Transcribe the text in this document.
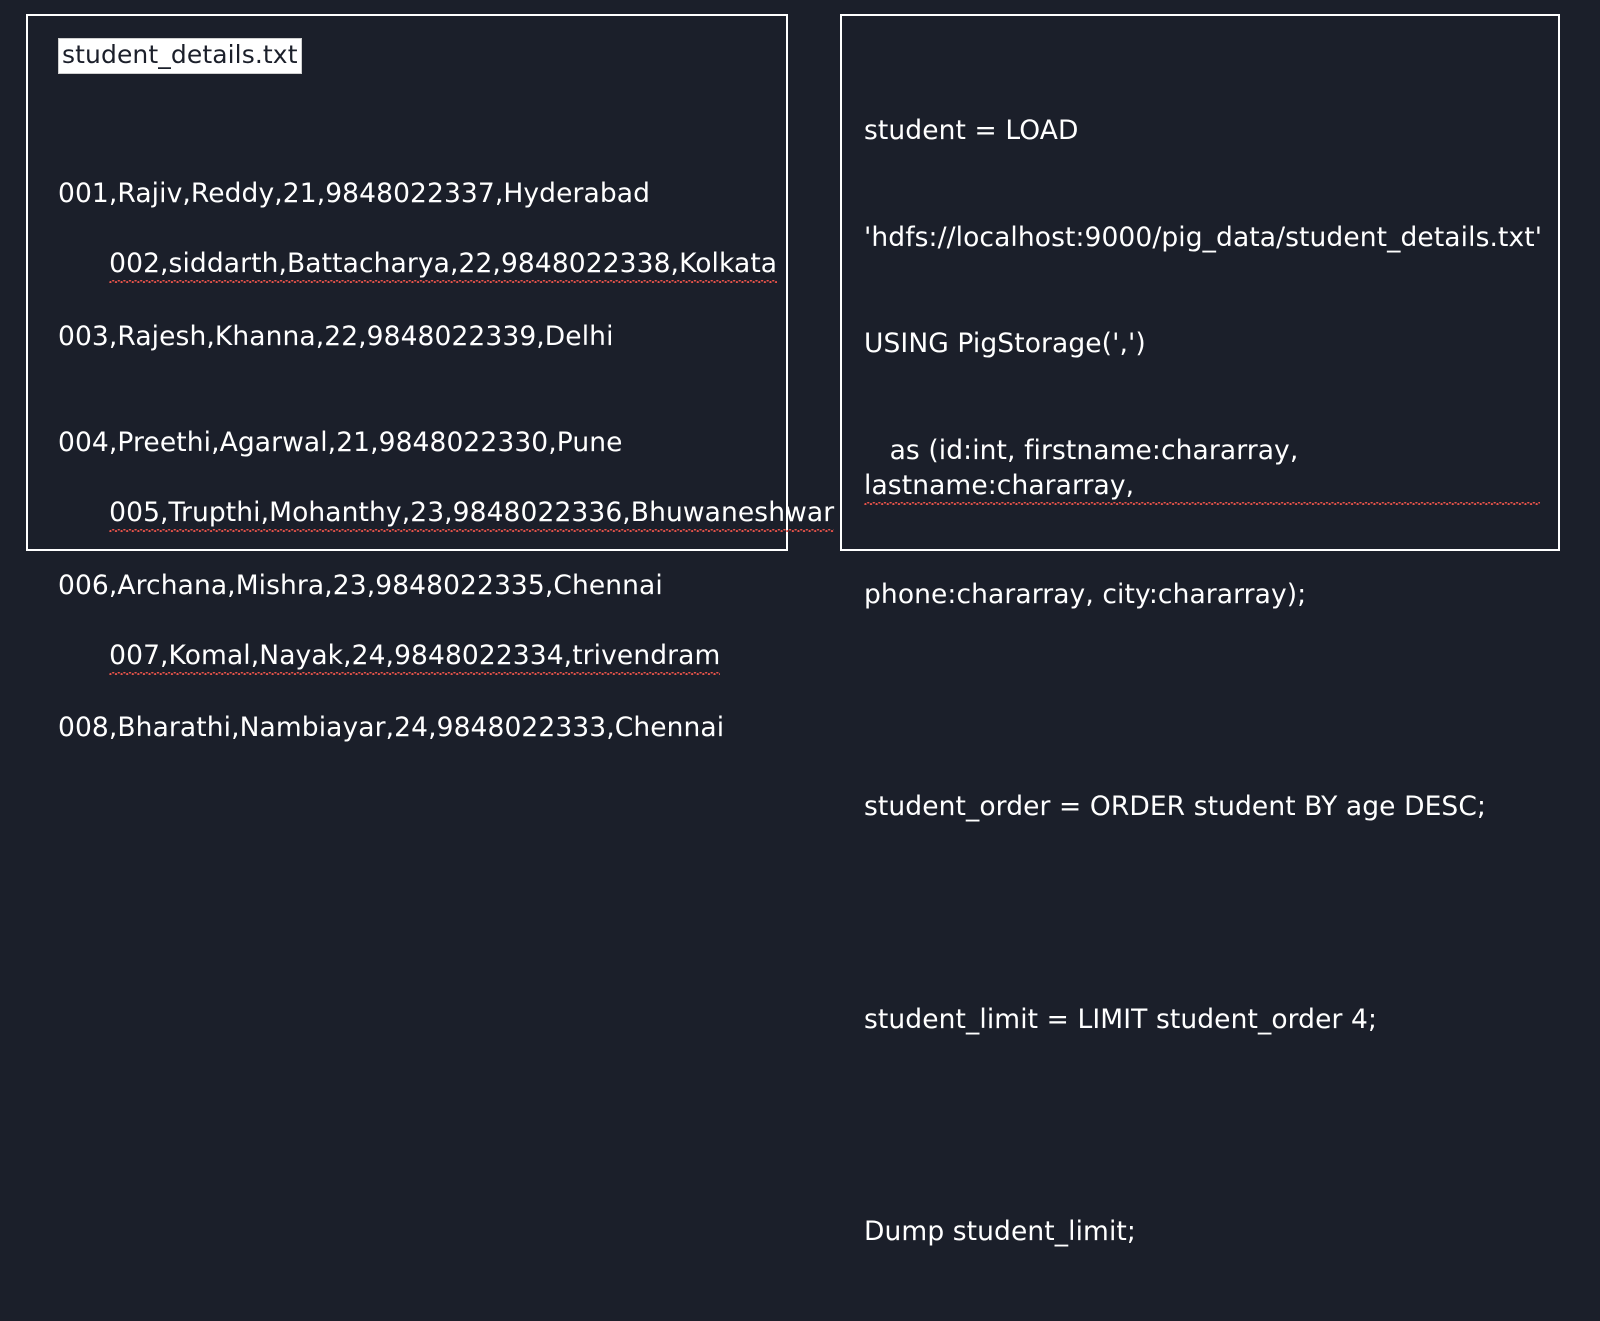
student_details.txt

001,Rajiv,Reddy,21,9848022337,Hyderabad

002,siddarth,Battacharya,22,9848022338,Kolkata

003,Rajesh,Khanna,22,9848022339,Delhi

004,Preethi,Agarwal,21,9848022330,Pune

005,Trupthi,Mohanthy,23,9848022336,Bhuwaneshwar

006,Archana,Mishra,23,9848022335,Chennai

007,Komal,Nayak,24,9848022334,trivendram

008,Bharathi,Nambiayar,24,9848022333,Chennai

student = LOAD

'hdfs://localhost:9000/pig_data/student_details.txt'

USING PigStorage(',')

as (id:int, firstname:chararray, lastname:chararray,

phone:chararray, city:chararray);

student_order = ORDER student BY age DESC;

student_limit = LIMIT student_order 4;

Dump student_limit;
